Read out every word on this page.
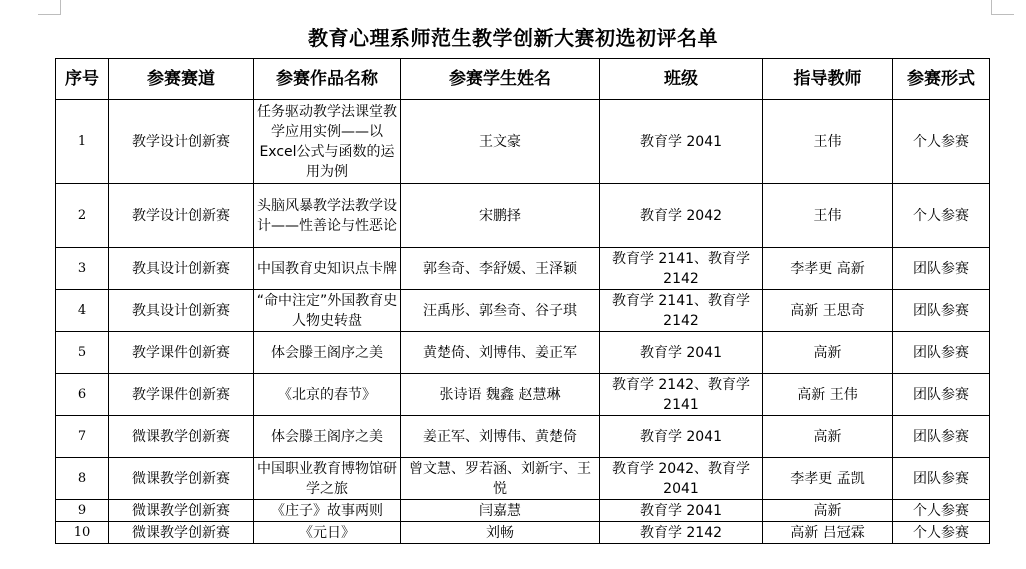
教育心理系师范生教学创新大赛初选初评名单
序号	参赛赛道	参赛作品名称	参赛学生姓名	班级	指导教师	参赛形式
1	教学设计创新赛	任务驱动教学法课堂教学应用实例——以Excel公式与函数的运用为例	王文豪	教育学 2041	王伟	个人参赛
2	教学设计创新赛	头脑风暴教学法教学设计——性善论与性恶论	宋鹏择	教育学 2042	王伟	个人参赛
3	教具设计创新赛	中国教育史知识点卡牌	郭叁奇、李舒媛、王泽颖	教育学 2141、教育学 2142	李孝更 高新	团队参赛
4	教具设计创新赛	“命中注定”外国教育史人物史转盘	汪禹彤、郭叁奇、谷子琪	教育学 2141、教育学 2142	高新 王思奇	团队参赛
5	教学课件创新赛	体会滕王阁序之美	黄楚倚、刘博伟、姜正军	教育学 2041	高新	团队参赛
6	教学课件创新赛	《北京的春节》	张诗语 魏鑫 赵慧琳	教育学 2142、教育学 2141	高新 王伟	团队参赛
7	微课教学创新赛	体会滕王阁序之美	姜正军、刘博伟、黄楚倚	教育学 2041	高新	团队参赛
8	微课教学创新赛	中国职业教育博物馆研学之旅	曾文慧、罗若涵、刘新宇、王悦	教育学 2042、教育学 2041	李孝更 孟凯	团队参赛
9	微课教学创新赛	《庄子》故事两则	闫嘉慧	教育学 2041	高新	个人参赛
10	微课教学创新赛	《元日》	刘畅	教育学 2142	高新 吕冠霖	个人参赛
